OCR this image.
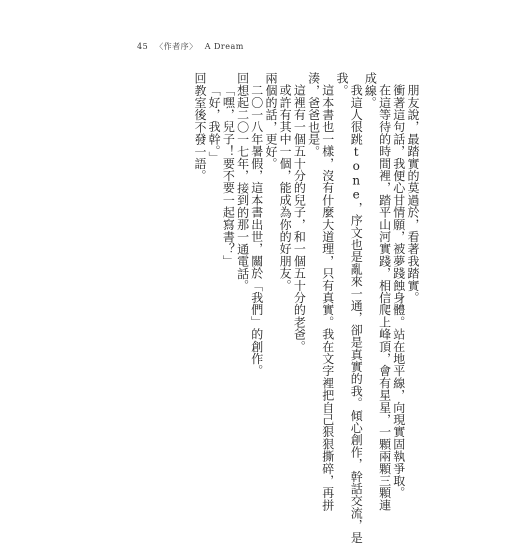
45 〈作者序〉 A Dream
朋友說，最踏實的莫過於，看著我踏實。
衝著這句話，我便心甘情願，被夢踐蝕身體。站在地平線，向現實固執爭取。
在這等待的時間裡，踏平山河實踐，相信爬上峰頂，會有星星，一顆兩顆三顆連
成線。
我這人很跳tone，序文也是亂來一通，卻是真實的我。傾心創作，幹話交流，是
我。
這本書也一樣，沒有什麼大道理，只有真實。我在文字裡把自己狠狠撕碎，再拼
湊，爸爸也是。
這裡有一個五十分的兒子，和一個五十分的老爸。
或許有其中一個，能成為你的好朋友。
兩個的話，更好。
二〇一八年暑假，這本書出世，關於「我們」的創作。
回想起二〇一七年，接到的那一通電話。
「嘿，兒子！要不要一起寫書？」
「好，我幹。」
回教室後不發一語。
